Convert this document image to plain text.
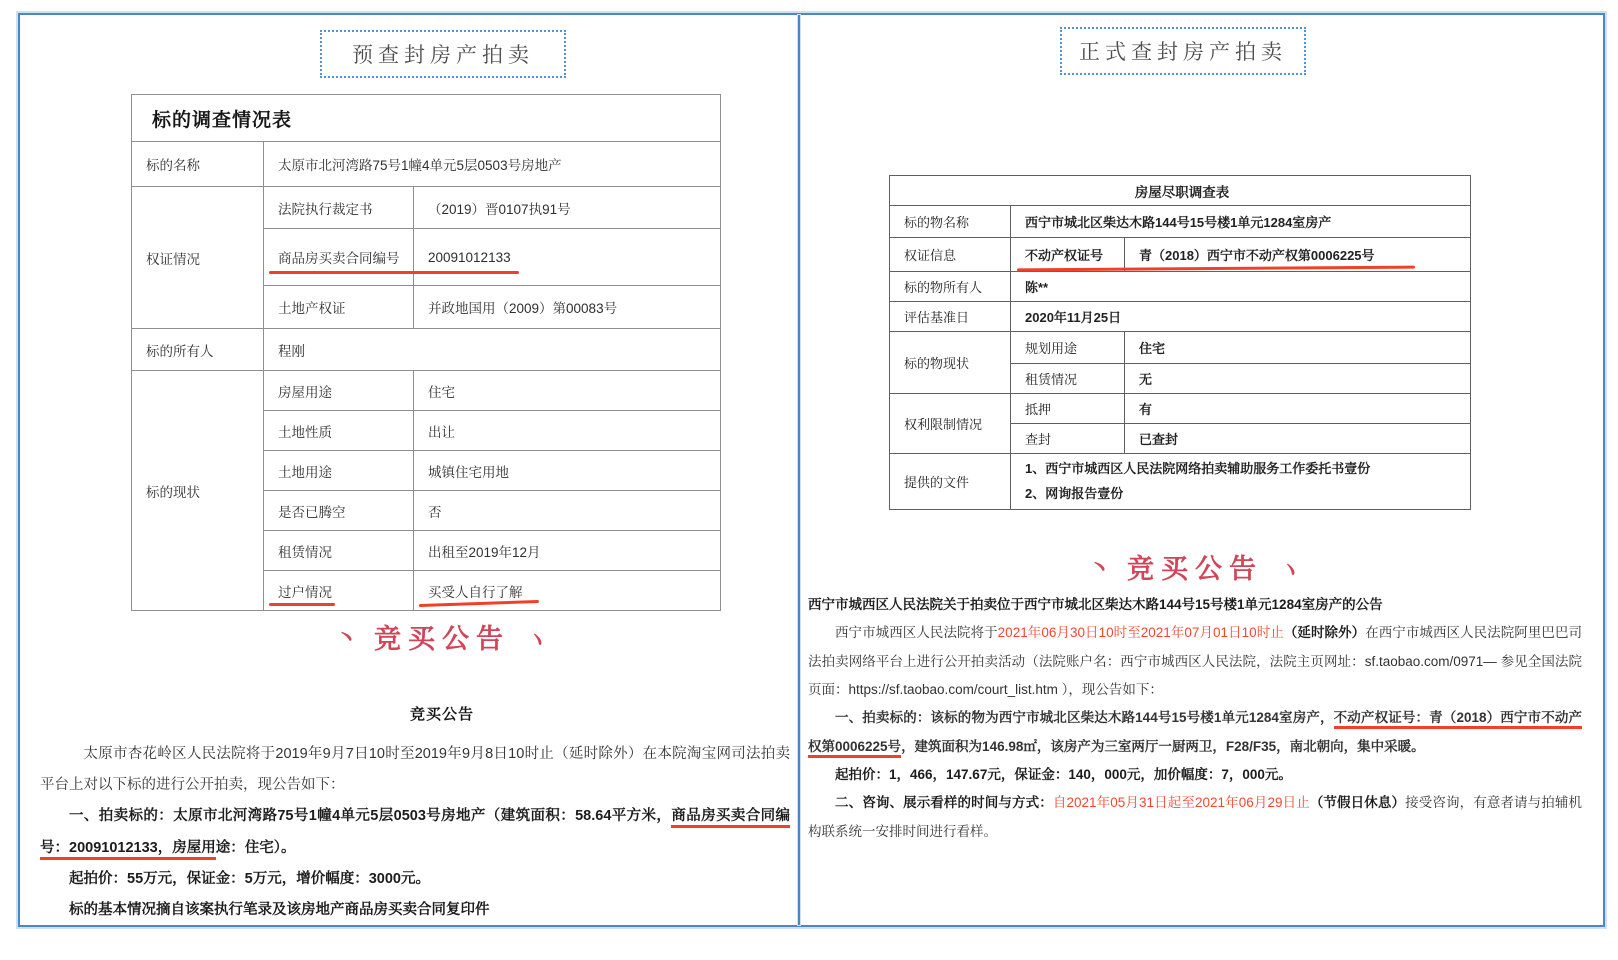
预查封房产拍卖
标的调查情况表		
标的名称	太原市北河湾路75号1幢4单元5层0503号房地产	
权证情况	法院执行裁定书	（2019）晋0107执91号
	商品房买卖合同编号	20091012133
	土地产权证	并政地国用（2009）第00083号
标的所有人	程刚	
标的现状	房屋用途	住宅
	土地性质	出让
	土地用途	城镇住宅用地
	是否已腾空	否
	租赁情况	出租至2019年12月
	过户情况	买受人自行了解
丶 竞买公告 丶
竞买公告

太原市杏花岭区人民法院将于2019年9月7日10时至2019年9月8日10时止（延时除外）在本院淘宝网司法拍卖平台上对以下标的进行公开拍卖，现公告如下：

一、拍卖标的：太原市北河湾路75号1幢4单元5层0503号房地产（建筑面积：58.64平方米，商品房买卖合同编号：20091012133，房屋用途：住宅）。

起拍价：55万元，保证金：5万元，增价幅度：3000元。

标的基本情况摘自该案执行笔录及该房地产商品房买卖合同复印件

正式查封房产拍卖
房屋尽职调查表		
标的物名称	西宁市城北区柴达木路144号15号楼1单元1284室房产	
权证信息	不动产权证号	青（2018）西宁市不动产权第0006225号
标的物所有人	陈**	
评估基准日	2020年11月25日	
标的物现状	规划用途	住宅
	租赁情况	无
权利限制情况	抵押	有
	查封	已查封
提供的文件	1、西宁市城西区人民法院网络拍卖辅助服务工作委托书壹份
2、网询报告壹份	
丶 竞买公告 丶

西宁市城西区人民法院关于拍卖位于西宁市城北区柴达木路144号15号楼1单元1284室房产的公告

西宁市城西区人民法院将于2021年06月30日10时至2021年07月01日10时止（延时除外）在西宁市城西区人民法院阿里巴巴司法拍卖网络平台上进行公开拍卖活动（法院账户名：西宁市城西区人民法院，法院主页网址：sf.taobao.com/0971— 参见全国法院页面：https://sf.taobao.com/court_list.htm ），现公告如下：

一、拍卖标的：该标的物为西宁市城北区柴达木路144号15号楼1单元1284室房产，不动产权证号：青（2018）西宁市不动产权第0006225号，建筑面积为146.98㎡，该房产为三室两厅一厨两卫，F28/F35，南北朝向，集中采暖。

起拍价：1，466，147.67元，保证金：140，000元，加价幅度：7，000元。

二、咨询、展示看样的时间与方式：自2021年05月31日起至2021年06月29日止（节假日休息）接受咨询，有意者请与拍辅机构联系统一安排时间进行看样。
